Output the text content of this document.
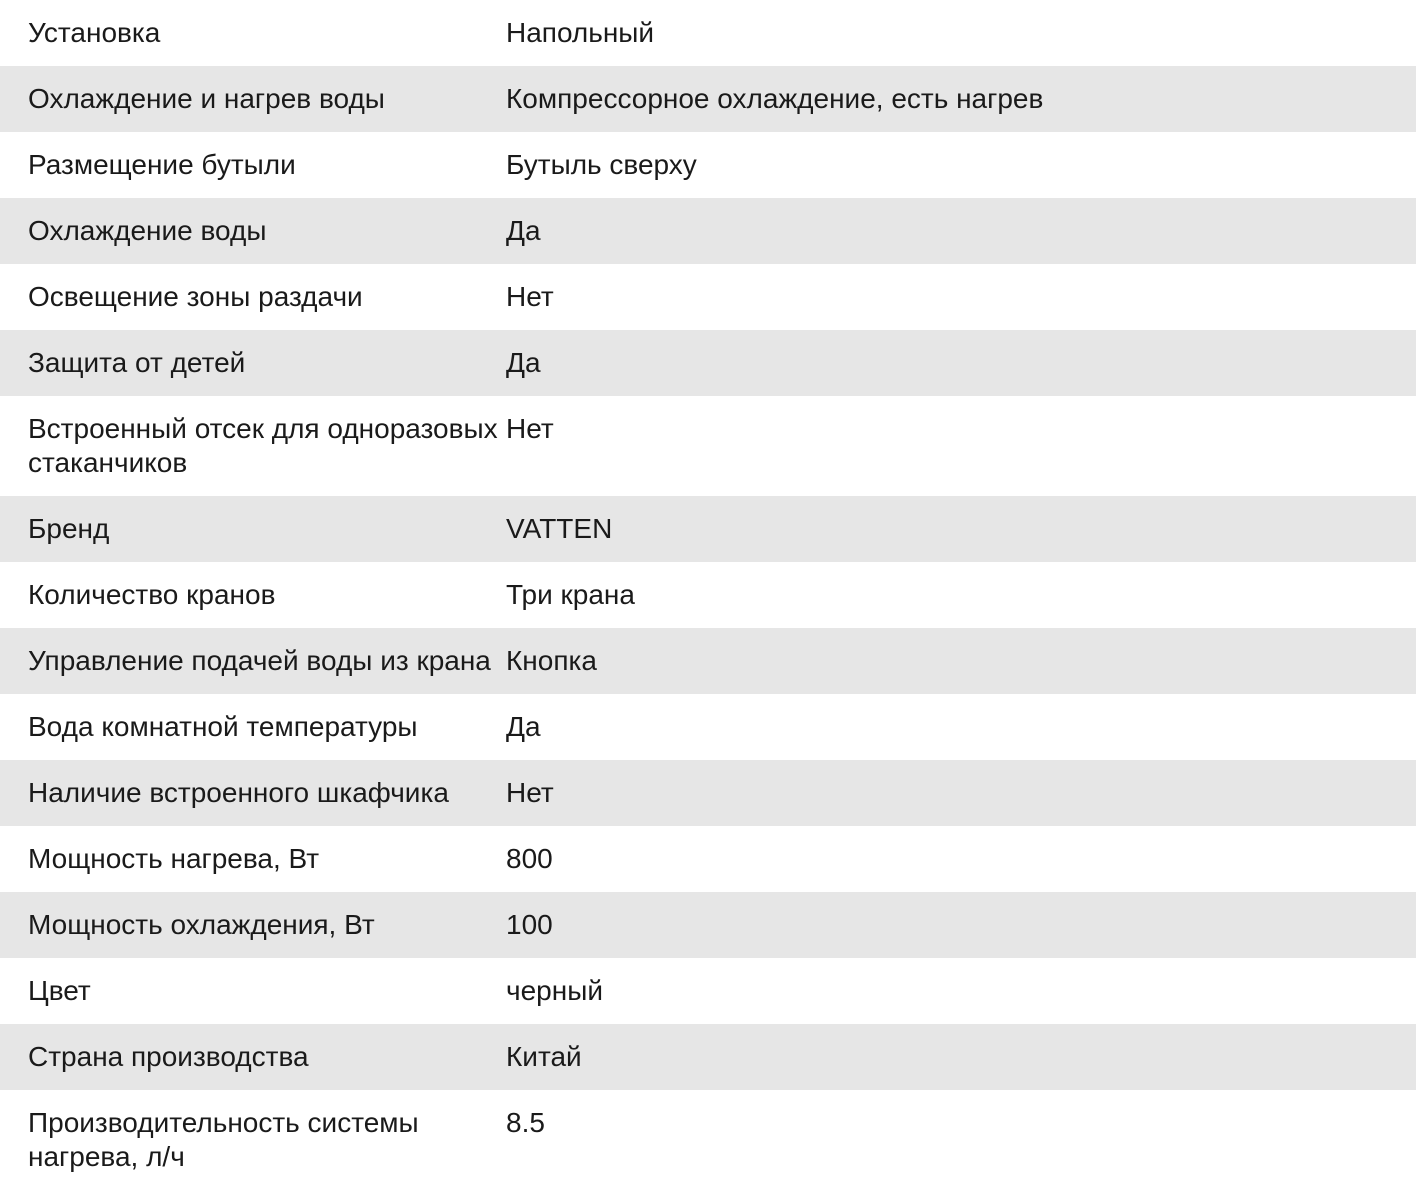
Установка	Напольный
Охлаждение и нагрев воды	Компрессорное охлаждение, есть нагрев
Размещение бутыли	Бутыль сверху
Охлаждение воды	Да
Освещение зоны раздачи	Нет
Защита от детей	Да
Встроенный отсек для одноразовых стаканчиков	Нет
Бренд	VATTEN
Количество кранов	Три крана
Управление подачей воды из крана	Кнопка
Вода комнатной температуры	Да
Наличие встроенного шкафчика	Нет
Мощность нагрева, Вт	800
Мощность охлаждения, Вт	100
Цвет	черный
Страна производства	Китай
Производительность системы нагрева, л/ч	8.5
